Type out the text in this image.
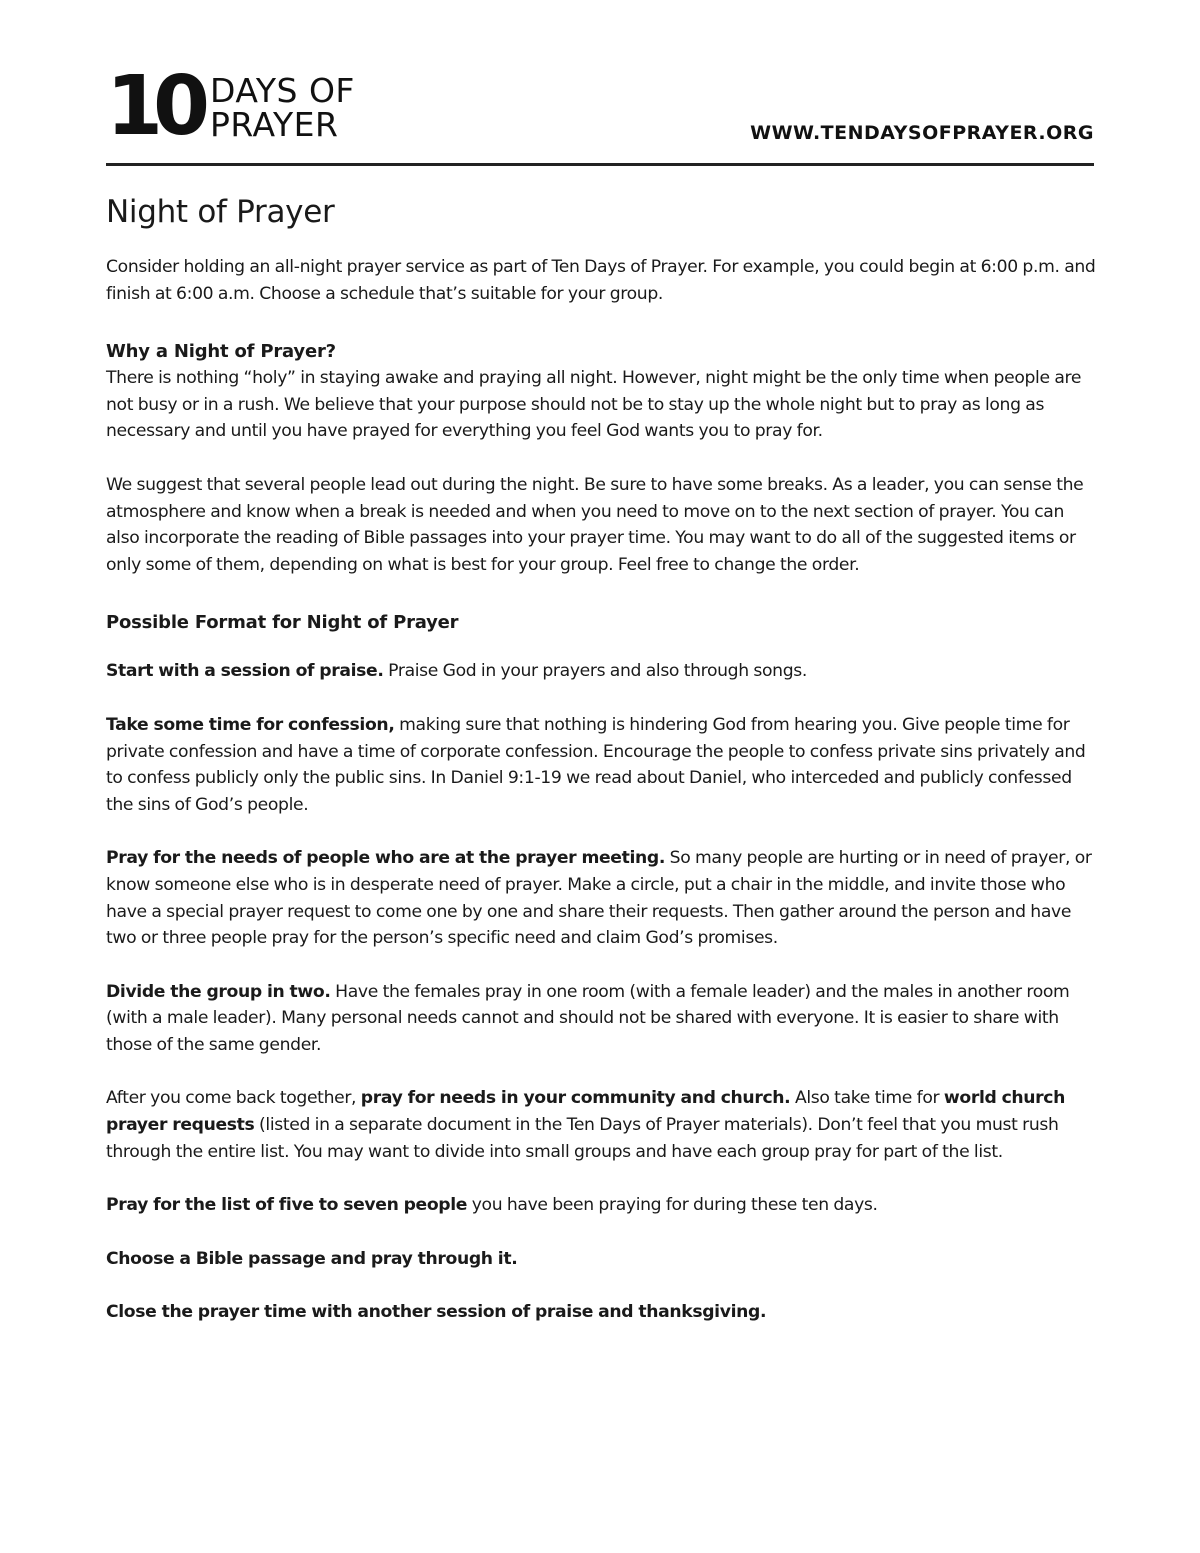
10 DAYS OF
PRAYER	WWW.TENDAYSOFPRAYER.ORG
Night of Prayer

Consider holding an all-night prayer service as part of Ten Days of Prayer. For example, you could begin at 6:00 p.m. and finish at 6:00 a.m. Choose a schedule that’s suitable for your group.

Why a Night of Prayer?

There is nothing “holy” in staying awake and praying all night. However, night might be the only time when people are not busy or in a rush. We believe that your purpose should not be to stay up the whole night but to pray as long as necessary and until you have prayed for everything you feel God wants you to pray for.

We suggest that several people lead out during the night. Be sure to have some breaks. As a leader, you can sense the atmosphere and know when a break is needed and when you need to move on to the next section of prayer. You can also incorporate the reading of Bible passages into your prayer time. You may want to do all of the suggested items or only some of them, depending on what is best for your group. Feel free to change the order.

Possible Format for Night of Prayer

Start with a session of praise. Praise God in your prayers and also through songs.

Take some time for confession, making sure that nothing is hindering God from hearing you. Give people time for private confession and have a time of corporate confession. Encourage the people to confess private sins privately and to confess publicly only the public sins. In Daniel 9:1-19 we read about Daniel, who interceded and publicly confessed the sins of God’s people.

Pray for the needs of people who are at the prayer meeting. So many people are hurting or in need of prayer, or know someone else who is in desperate need of prayer. Make a circle, put a chair in the middle, and invite those who have a special prayer request to come one by one and share their requests. Then gather around the person and have two or three people pray for the person’s specific need and claim God’s promises.

Divide the group in two. Have the females pray in one room (with a female leader) and the males in another room (with a male leader). Many personal needs cannot and should not be shared with everyone. It is easier to share with those of the same gender.

After you come back together, pray for needs in your community and church. Also take time for world church prayer requests (listed in a separate document in the Ten Days of Prayer materials). Don’t feel that you must rush through the entire list. You may want to divide into small groups and have each group pray for part of the list.

Pray for the list of five to seven people you have been praying for during these ten days.

Choose a Bible passage and pray through it.

Close the prayer time with another session of praise and thanksgiving.
